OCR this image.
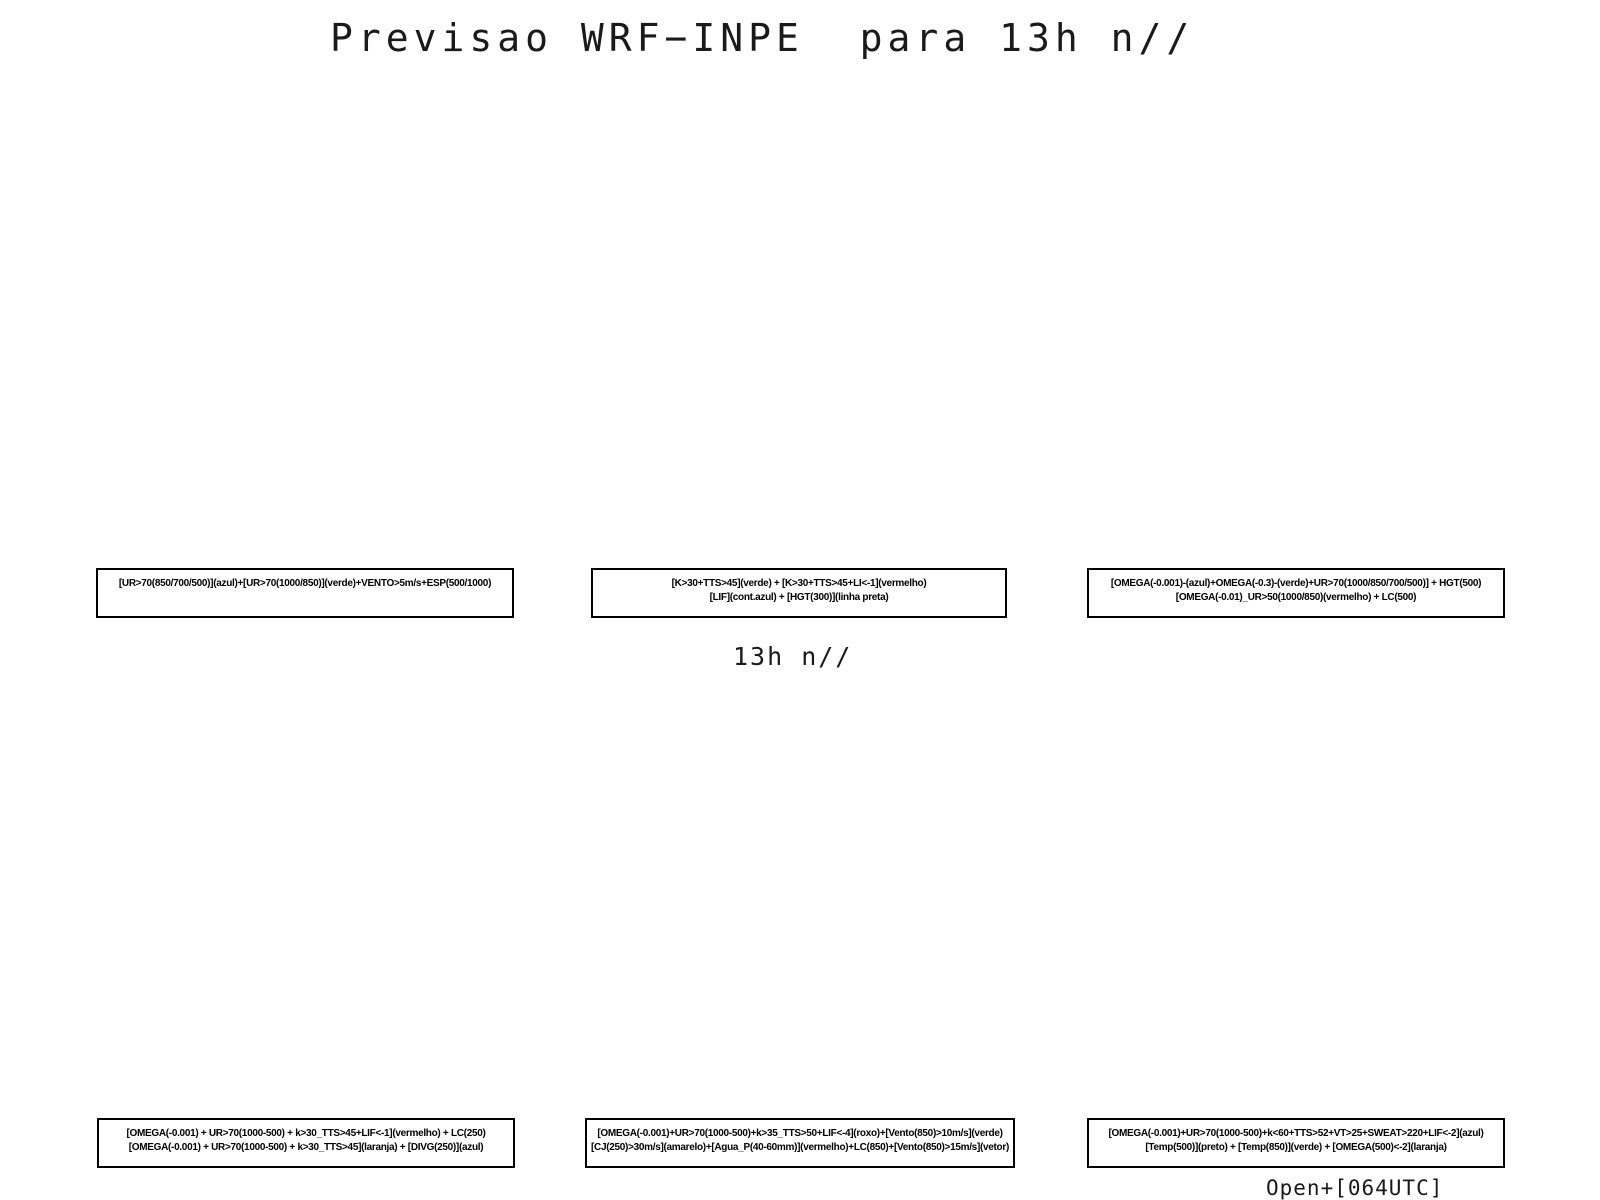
Previsao WRF−INPE  para 13h n//
[UR>70(850/700/500)](azul)+[UR>70(1000/850)](verde)+VENTO>5m/s+ESP(500/1000)	[K>30+TTS>45](verde) + [K>30+TTS>45+LI<-1](vermelho)
[LIF](cont.azul) + [HGT(300)](linha preta)
[OMEGA(-0.001)-(azul)+OMEGA(-0.3)-(verde)+UR>70(1000/850/700/500)] + HGT(500)
[OMEGA(-0.01)_UR>50(1000/850)(vermelho) + LC(500)
13h n//
[OMEGA(-0.001) + UR>70(1000-500) + k>30_TTS>45+LIF<-1](vermelho) + LC(250)
[OMEGA(-0.001) + UR>70(1000-500) + k>30_TTS>45](laranja) + [DIVG(250)](azul)
[OMEGA(-0.001)+UR>70(1000-500)+k>35_TTS>50+LIF<-4](roxo)+[Vento(850)>10m/s](verde)
[CJ(250)>30m/s](amarelo)+[Agua_P(40-60mm)](vermelho)+LC(850)+[Vento(850)>15m/s](vetor)
[OMEGA(-0.001)+UR>70(1000-500)+k<60+TTS>52+VT>25+SWEAT>220+LIF<-2](azul)
[Temp(500)](preto) + [Temp(850)](verde) + [OMEGA(500)<-2](laranja)
Open+[064UTC]
